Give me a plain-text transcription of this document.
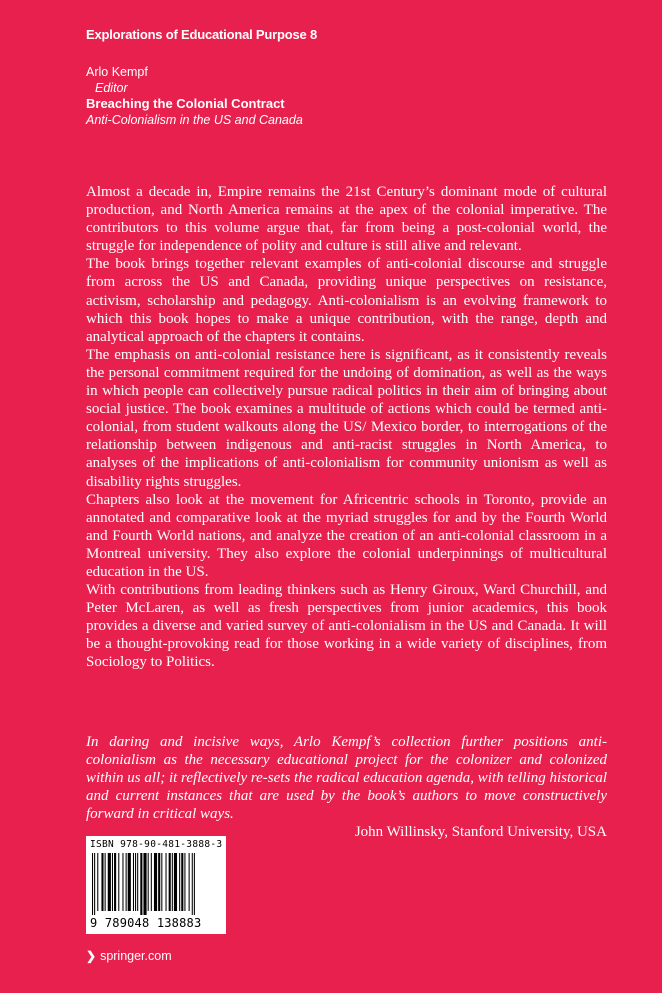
Explorations of Educational Purpose 8
Arlo Kempf
Editor
Breaching the Colonial Contract
Anti-Colonialism in the US and Canada

Almost a decade in, Empire remains the 21st Century’s dominant mode of cultural production, and North America remains at the apex of the colonial imperative. The contributors to this volume argue that, far from being a post-colonial world, the struggle for independence of polity and culture is still alive and relevant.

The book brings together relevant examples of anti-colonial discourse and struggle from across the US and Canada, providing unique perspectives on resistance, activism, scholarship and pedagogy. Anti-colonialism is an evolving framework to which this book hopes to make a unique contribution, with the range, depth and analytical approach of the chapters it contains.

The emphasis on anti-colonial resistance here is significant, as it consistently reveals the personal commitment required for the undoing of domination, as well as the ways in which people can collectively pursue radical politics in their aim of bringing about social justice. The book examines a multitude of actions which could be termed anti-colonial, from student walkouts along the US/ Mexico border, to interrogations of the relationship between indigenous and anti-racist struggles in North America, to analyses of the implications of anti-colonialism for community unionism as well as disability rights struggles.

Chapters also look at the movement for Africentric schools in Toronto, provide an annotated and comparative look at the myriad struggles for and by the Fourth World and Fourth World nations, and analyze the creation of an anti-colonial classroom in a Montreal university. They also explore the colonial underpinnings of multicultural education in the US.

With contributions from leading thinkers such as Henry Giroux, Ward Churchill, and Peter McLaren, as well as fresh perspectives from junior academics, this book provides a diverse and varied survey of anti-colonialism in the US and Canada. It will be a thought-provoking read for those working in a wide variety of disciplines, from Sociology to Politics.

In daring and incisive ways, Arlo Kempf’s collection further positions anti-colonialism as the necessary educational project for the colonizer and colonized within us all; it reflectively re-sets the radical education agenda, with telling historical and current instances that are used by the book’s authors to move constructively forward in critical ways.

John Willinsky, Stanford University, USA

ISBN 978-90-481-3888-3
9 789048 138883
❯ springer.com
